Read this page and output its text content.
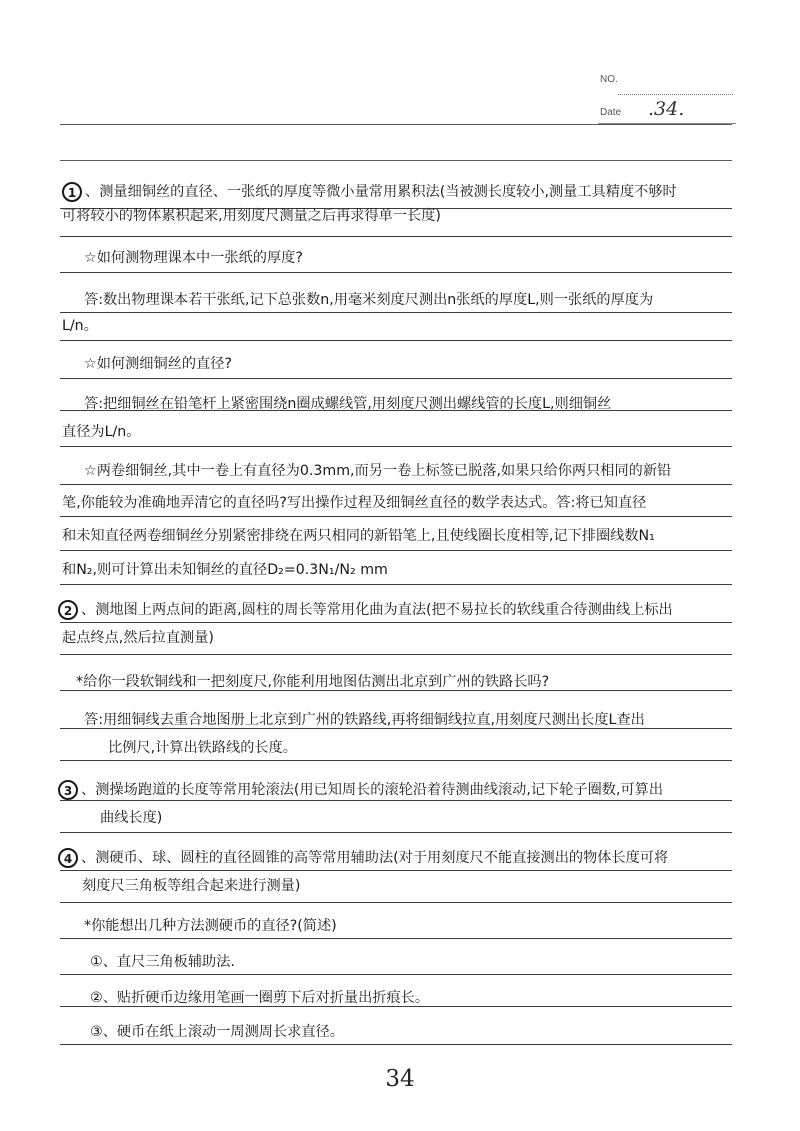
NO.
Date .34.
1 、测量细铜丝的直径、一张纸的厚度等微小量常用累积法(当被测长度较小,测量工具精度不够时
可将较小的物体累积起来,用刻度尺测量之后再求得单一长度)
☆如何测物理课本中一张纸的厚度?
答:数出物理课本若干张纸,记下总张数n,用毫米刻度尺测出n张纸的厚度L,则一张纸的厚度为
L/n。
☆如何测细铜丝的直径?
答:把细铜丝在铅笔杆上紧密围绕n圈成螺线管,用刻度尺测出螺线管的长度L,则细铜丝
直径为L/n。
☆两卷细铜丝,其中一卷上有直径为0.3mm,而另一卷上标签已脱落,如果只给你两只相同的新铅
笔,你能较为准确地弄清它的直径吗?写出操作过程及细铜丝直径的数学表达式。答:将已知直径
和未知直径两卷细铜丝分别紧密排绕在两只相同的新铅笔上,且使线圈长度相等,记下排圈线数N₁
和N₂,则可计算出未知铜丝的直径D₂=0.3N₁/N₂ mm
2 、测地图上两点间的距离,圆柱的周长等常用化曲为直法(把不易拉长的软线重合待测曲线上标出
起点终点,然后拉直测量)
*给你一段软铜线和一把刻度尺,你能利用地图估测出北京到广州的铁路长吗?
答:用细铜线去重合地图册上北京到广州的铁路线,再将细铜线拉直,用刻度尺测出长度L查出
比例尺,计算出铁路线的长度。
3 、测操场跑道的长度等常用轮滚法(用已知周长的滚轮沿着待测曲线滚动,记下轮子圈数,可算出
曲线长度)
4 、测硬币、球、圆柱的直径圆锥的高等常用辅助法(对于用刻度尺不能直接测出的物体长度可将
刻度尺三角板等组合起来进行测量)
*你能想出几种方法测硬币的直径?(简述)
①、直尺三角板辅助法.
②、贴折硬币边缘用笔画一圈剪下后对折量出折痕长。
③、硬币在纸上滚动一周测周长求直径。
34
